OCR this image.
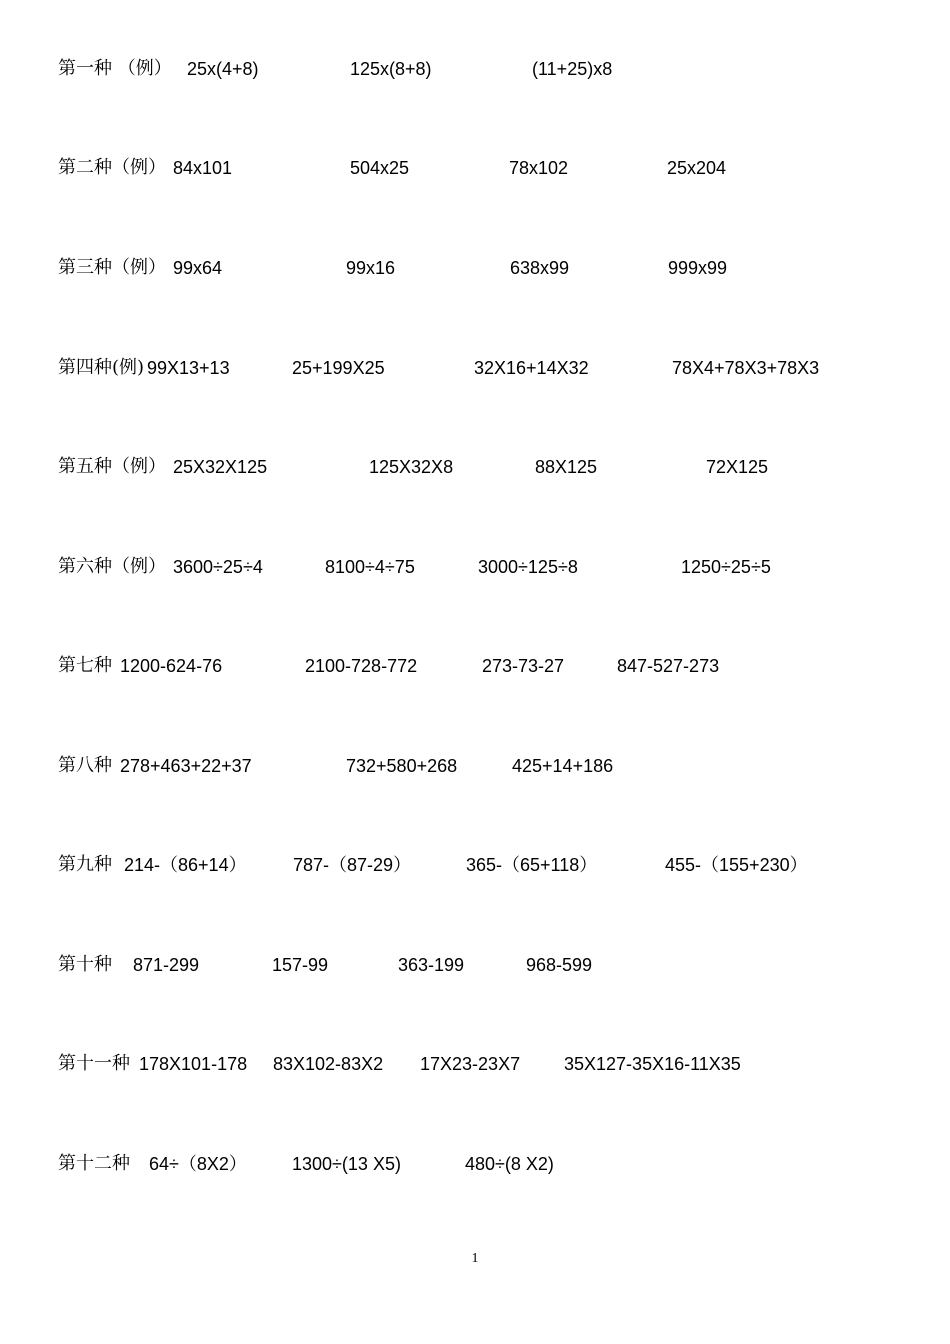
第一种 （例） 25x(4+8)	125x(8+8)	(11+25)x8
第二种（例） 84x101	504x25	78x102	25x204
第三种（例） 99x64	99x16	638x99	999x99
第四种(例) 99X13+13	25+199X25	32X16+14X32	78X4+78X3+78X3
第五种（例） 25X32X125	125X32X8	88X125	72X125
第六种（例） 3600÷25÷4	8100÷4÷75	3000÷125÷8	1250÷25÷5
第七种 1200-624-76	2100-728-772	273-73-27	847-527-273
第八种 278+463+22+37	732+580+268	425+14+186
第九种 214-（86+14）	787-（87-29）	365-（65+118）	455-（155+230）
第十种 871-299	157-99	363-199	968-599
第十一种 178X101-178 83X102-83X2 17X23-23X7 35X127-35X16-11X35
第十二种 64÷（8X2）	1300÷(13 X5)	480÷(8 X2)
1
